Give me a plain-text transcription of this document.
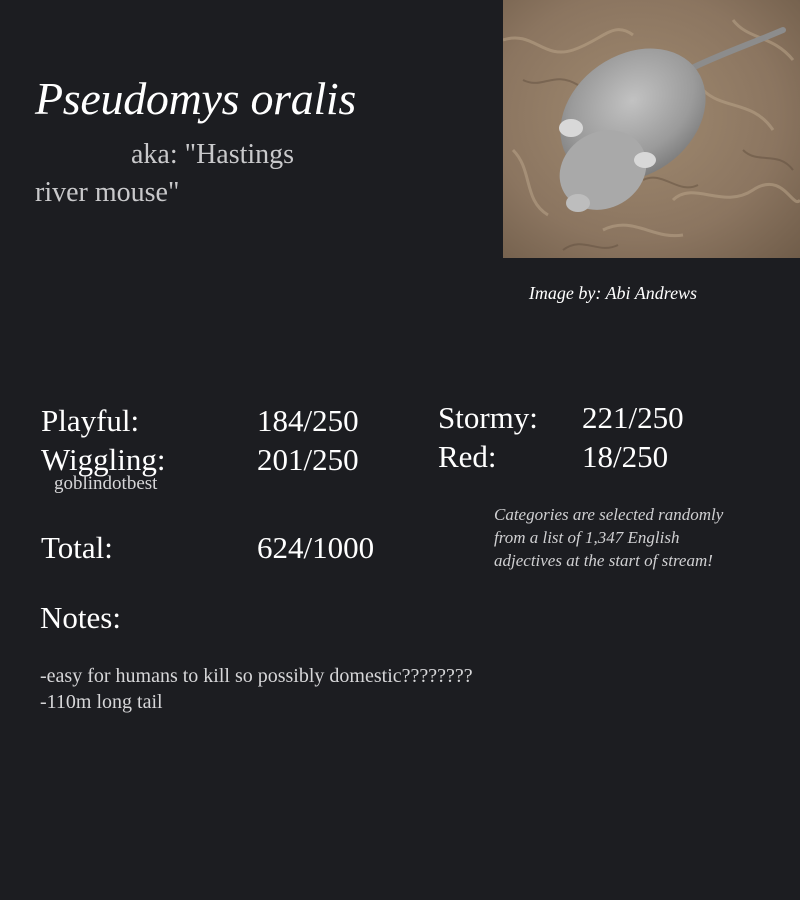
Pseudomys oralis
aka: "Hastings river mouse"
Image by: Abi Andrews
Playful:	184/250
Wiggling:	201/250
goblindotbest
Total:	624/1000
Stormy: 221/250
Red:	18/250
Categories are selected randomly from a list of 1,347 English adjectives at the start of stream!
Notes:
-easy for humans to kill so possibly domestic????????
-110m long tail
